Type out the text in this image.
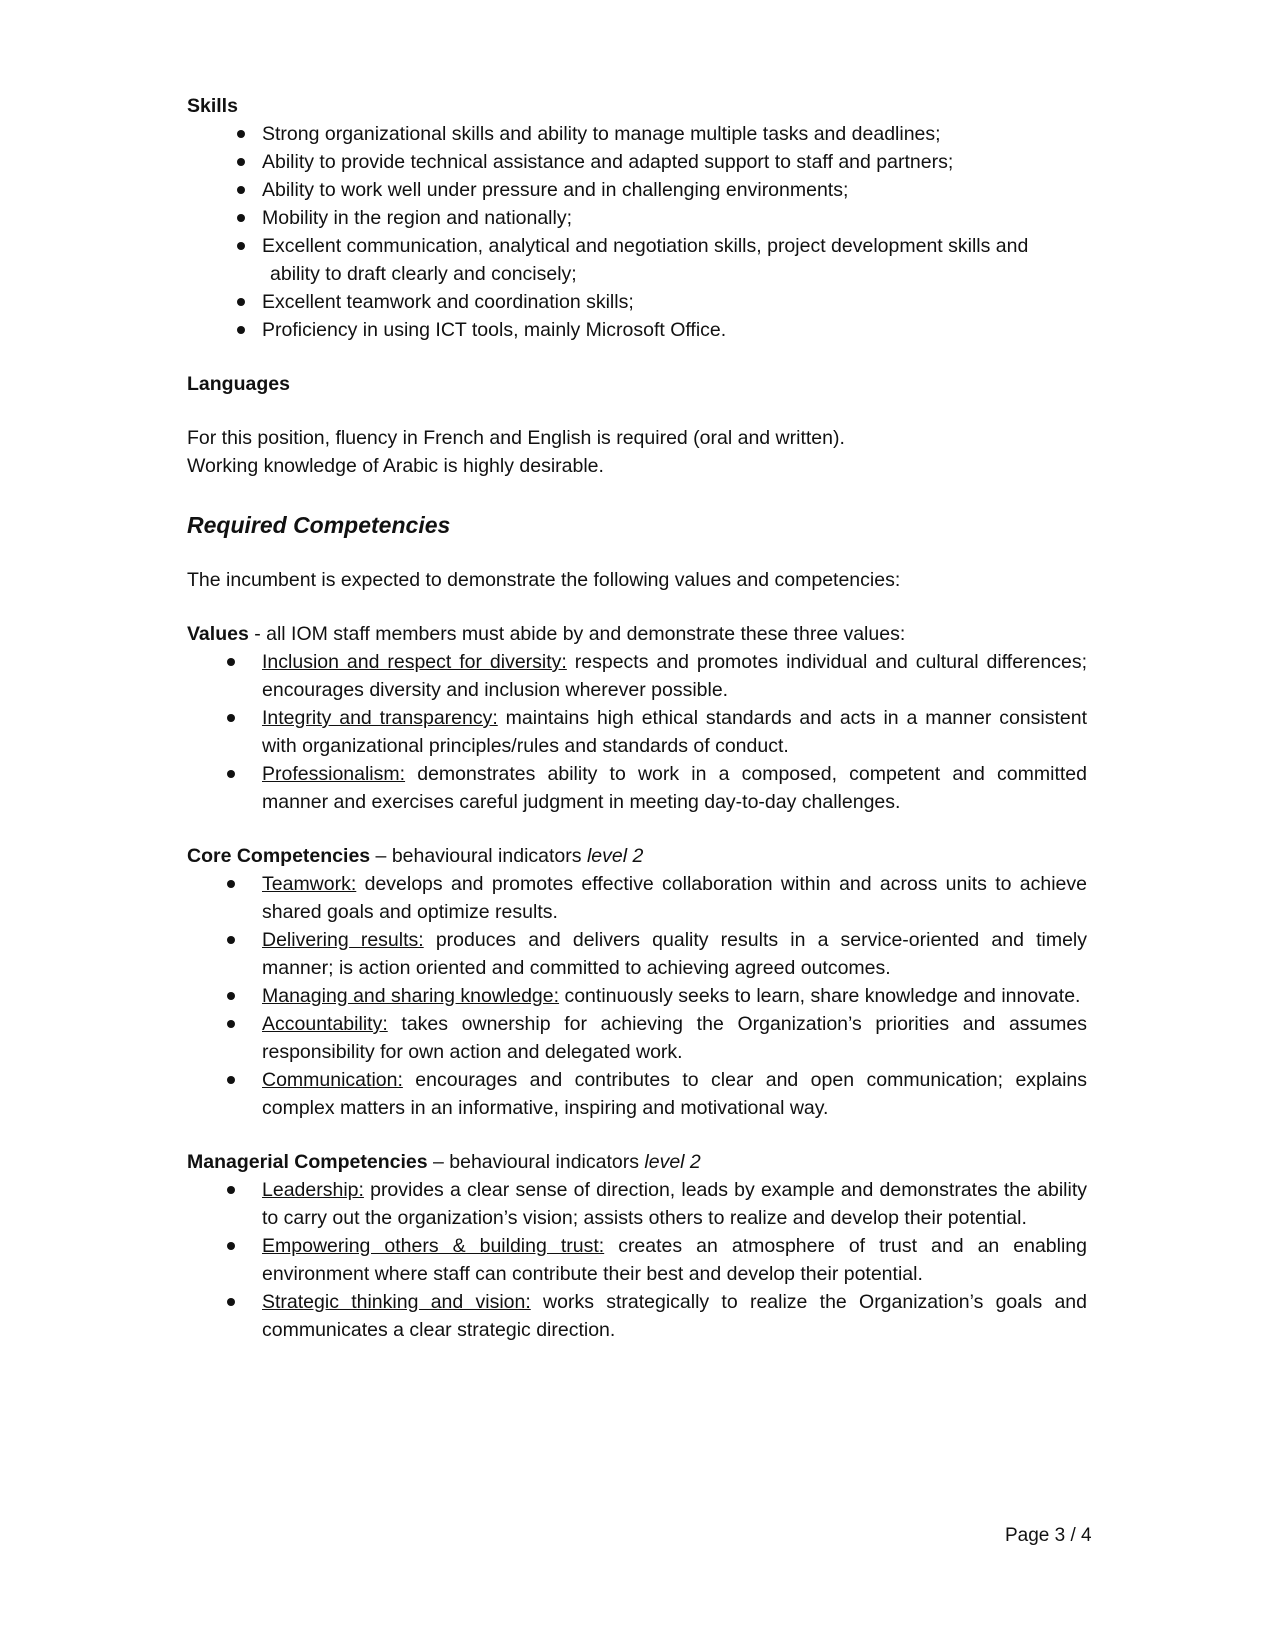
Skills

Strong organizational skills and ability to manage multiple tasks and deadlines;
Ability to provide technical assistance and adapted support to staff and partners;
Ability to work well under pressure and in challenging environments;
Mobility in the region and nationally;
Excellent communication, analytical and negotiation skills, project development skills and
ability to draft clearly and concisely;
Excellent teamwork and coordination skills;
Proficiency in using ICT tools, mainly Microsoft Office.

Languages

For this position, fluency in French and English is required (oral and written).

Working knowledge of Arabic is highly desirable.

Required Competencies

The incumbent is expected to demonstrate the following values and competencies:

Values - all IOM staff members must abide by and demonstrate these three values:

Inclusion and respect for diversity: respects and promotes individual and cultural differences; encourages diversity and inclusion wherever possible.
Integrity and transparency: maintains high ethical standards and acts in a manner consistent with organizational principles/rules and standards of conduct.
Professionalism: demonstrates ability to work in a composed, competent and committed manner and exercises careful judgment in meeting day-to-day challenges.

Core Competencies – behavioural indicators level 2

Teamwork: develops and promotes effective collaboration within and across units to achieve shared goals and optimize results.
Delivering results: produces and delivers quality results in a service-oriented and timely manner; is action oriented and committed to achieving agreed outcomes.
Managing and sharing knowledge: continuously seeks to learn, share knowledge and innovate.
Accountability: takes ownership for achieving the Organization’s priorities and assumes responsibility for own action and delegated work.
Communication: encourages and contributes to clear and open communication; explains complex matters in an informative, inspiring and motivational way.

Managerial Competencies – behavioural indicators level 2

Leadership: provides a clear sense of direction, leads by example and demonstrates the ability to carry out the organization’s vision; assists others to realize and develop their potential.
Empowering others & building trust: creates an atmosphere of trust and an enabling environment where staff can contribute their best and develop their potential.
Strategic thinking and vision: works strategically to realize the Organization’s goals and communicates a clear strategic direction.
Page 3 / 4
